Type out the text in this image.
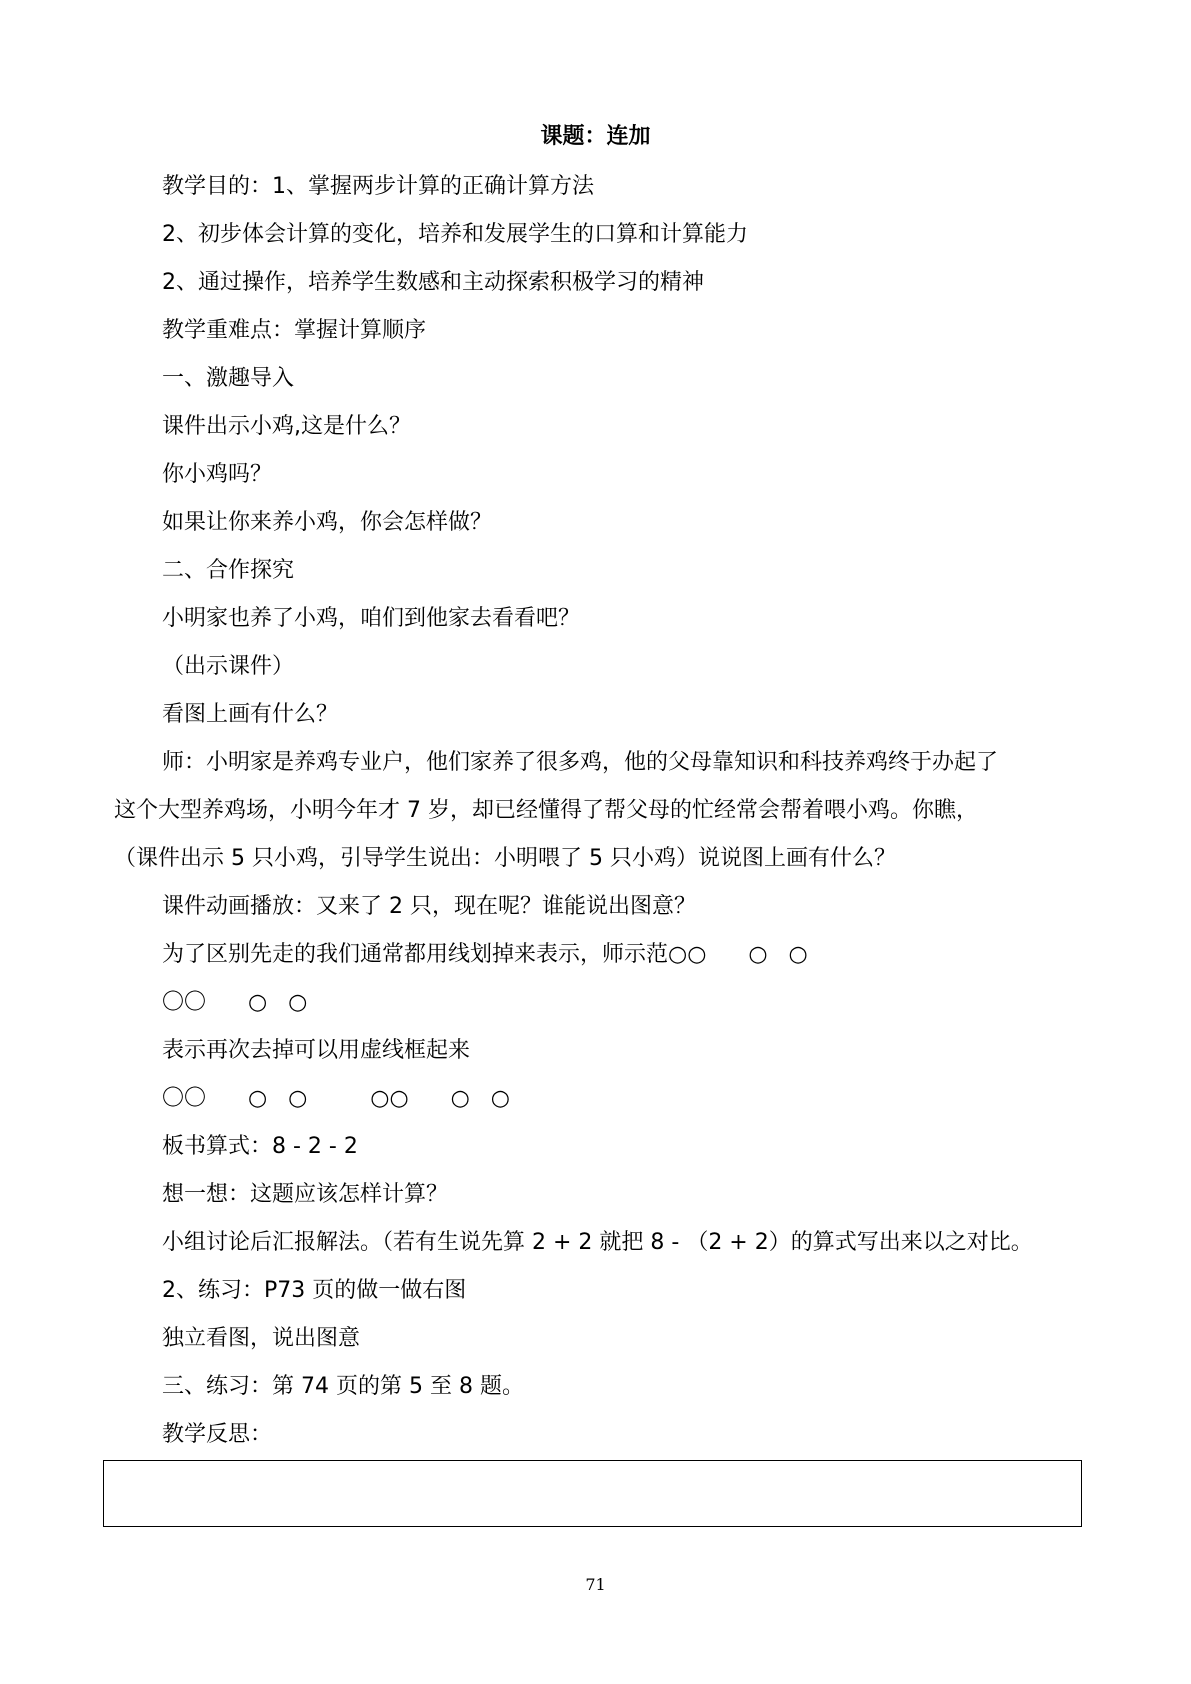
课题：连加
教学目的：1、掌握两步计算的正确计算方法
2、初步体会计算的变化，培养和发展学生的口算和计算能力
2、通过操作，培养学生数感和主动探索积极学习的精神
教学重难点：掌握计算顺序
一、激趣导入
课件出示小鸡,这是什么？
你小鸡吗？
如果让你来养小鸡，你会怎样做？
二、合作探究
小明家也养了小鸡，咱们到他家去看看吧？
（出示课件）
看图上画有什么？
师：小明家是养鸡专业户，他们家养了很多鸡，他的父母靠知识和科技养鸡终于办起了
这个大型养鸡场，小明今年才 7 岁，却已经懂得了帮父母的忙经常会帮着喂小鸡。你瞧，
（课件出示 5 只小鸡，引导学生说出：小明喂了 5 只小鸡）说说图上画有什么？
课件动画播放：又来了 2 只，现在呢？谁能说出图意？
为了区别先走的我们通常都用线划掉来表示，师示范○○      ○   ○
〇〇      ○   ○
表示再次去掉可以用虚线框起来
〇〇      ○   ○         ○○      ○   ○
板书算式：8 - 2 - 2
想一想：这题应该怎样计算？
小组讨论后汇报解法。（若有生说先算 2 + 2 就把 8 - （2 + 2）的算式写出来以之对比。
2、练习：P73 页的做一做右图
独立看图，说出图意
三、练习：第 74 页的第 5 至 8 题。
教学反思：
71
